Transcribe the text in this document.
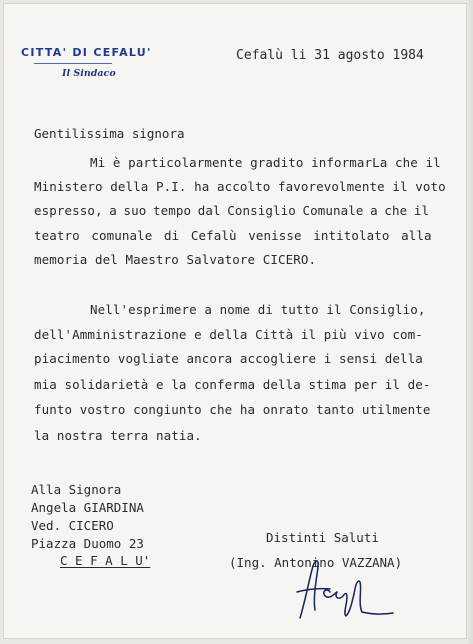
CITTA' DI CEFALU'
Il Sindaco
Cefalù li 31 agosto 1984
Gentilissima signora
Mi è particolarmente gradito informarLa che il
Ministero della P.I. ha accolto favorevolmente il voto
espresso, a suo tempo dal Consiglio Comunale a che il
teatro comunale di Cefalù venisse intitolato alla
memoria del Maestro Salvatore CICERO.
Nell'esprimere a nome di tutto il Consiglio,
dell'Amministrazione e della Città il più vivo com-
piacimento vogliate ancora accogliere i sensi della
mia solidarietà e la conferma della stima per il de-
funto vostro congiunto che ha onrato tanto utilmente
la nostra terra natia.
Alla Signora
Angela GIARDINA
Ved. CICERO
Piazza Duomo 23
C E F A L U'
Distinti Saluti
(Ing. Antonino VAZZANA)
